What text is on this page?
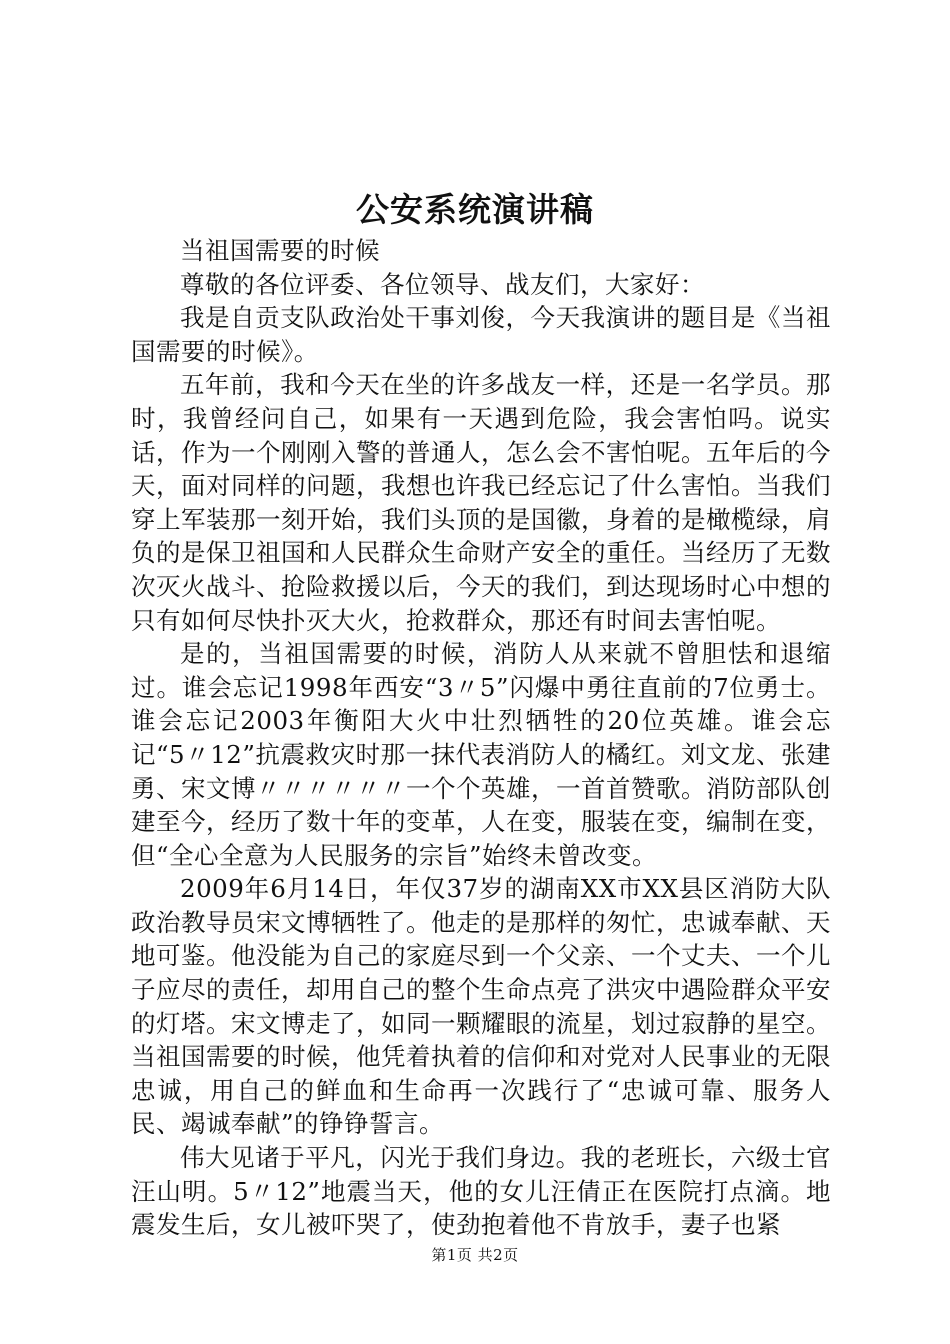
公安系统演讲稿

当祖国需要的时候

尊敬的各位评委、各位领导、战友们，大家好：

我是自贡支队政治处干事刘俊，今天我演讲的题目是《当祖国需要的时候》。

五年前，我和今天在坐的许多战友一样，还是一名学员。那时，我曾经问自己，如果有一天遇到危险，我会害怕吗。说实话，作为一个刚刚入警的普通人，怎么会不害怕呢。五年后的今天，面对同样的问题，我想也许我已经忘记了什么害怕。当我们穿上军装那一刻开始，我们头顶的是国徽，身着的是橄榄绿，肩负的是保卫祖国和人民群众生命财产安全的重任。当经历了无数次灭火战斗、抢险救援以后，今天的我们，到达现场时心中想的只有如何尽快扑灭大火，抢救群众，那还有时间去害怕呢。

是的，当祖国需要的时候，消防人从来就不曾胆怯和退缩过。谁会忘记1998年西安“3〃5”闪爆中勇往直前的7位勇士。谁会忘记2003年衡阳大火中壮烈牺牲的20位英雄。谁会忘记“5〃12”抗震救灾时那一抹代表消防人的橘红。刘文龙、张建勇、宋文博〃〃〃〃〃〃一个个英雄，一首首赞歌。消防部队创建至今，经历了数十年的变革，人在变，服装在变，编制在变，但“全心全意为人民服务的宗旨”始终未曾改变。

2009年6月14日，年仅37岁的湖南XX市XX县区消防大队政治教导员宋文博牺牲了。他走的是那样的匆忙，忠诚奉献、天地可鉴。他没能为自己的家庭尽到一个父亲、一个丈夫、一个儿子应尽的责任，却用自己的整个生命点亮了洪灾中遇险群众平安的灯塔。宋文博走了，如同一颗耀眼的流星，划过寂静的星空。当祖国需要的时候，他凭着执着的信仰和对党对人民事业的无限忠诚，用自己的鲜血和生命再一次践行了“忠诚可靠、服务人民、竭诚奉献”的铮铮誓言。

伟大见诸于平凡，闪光于我们身边。我的老班长，六级士官汪山明。5〃12”地震当天，他的女儿汪倩正在医院打点滴。地震发生后，女儿被吓哭了，使劲抱着他不肯放手，妻子也紧

第1页 共2页
